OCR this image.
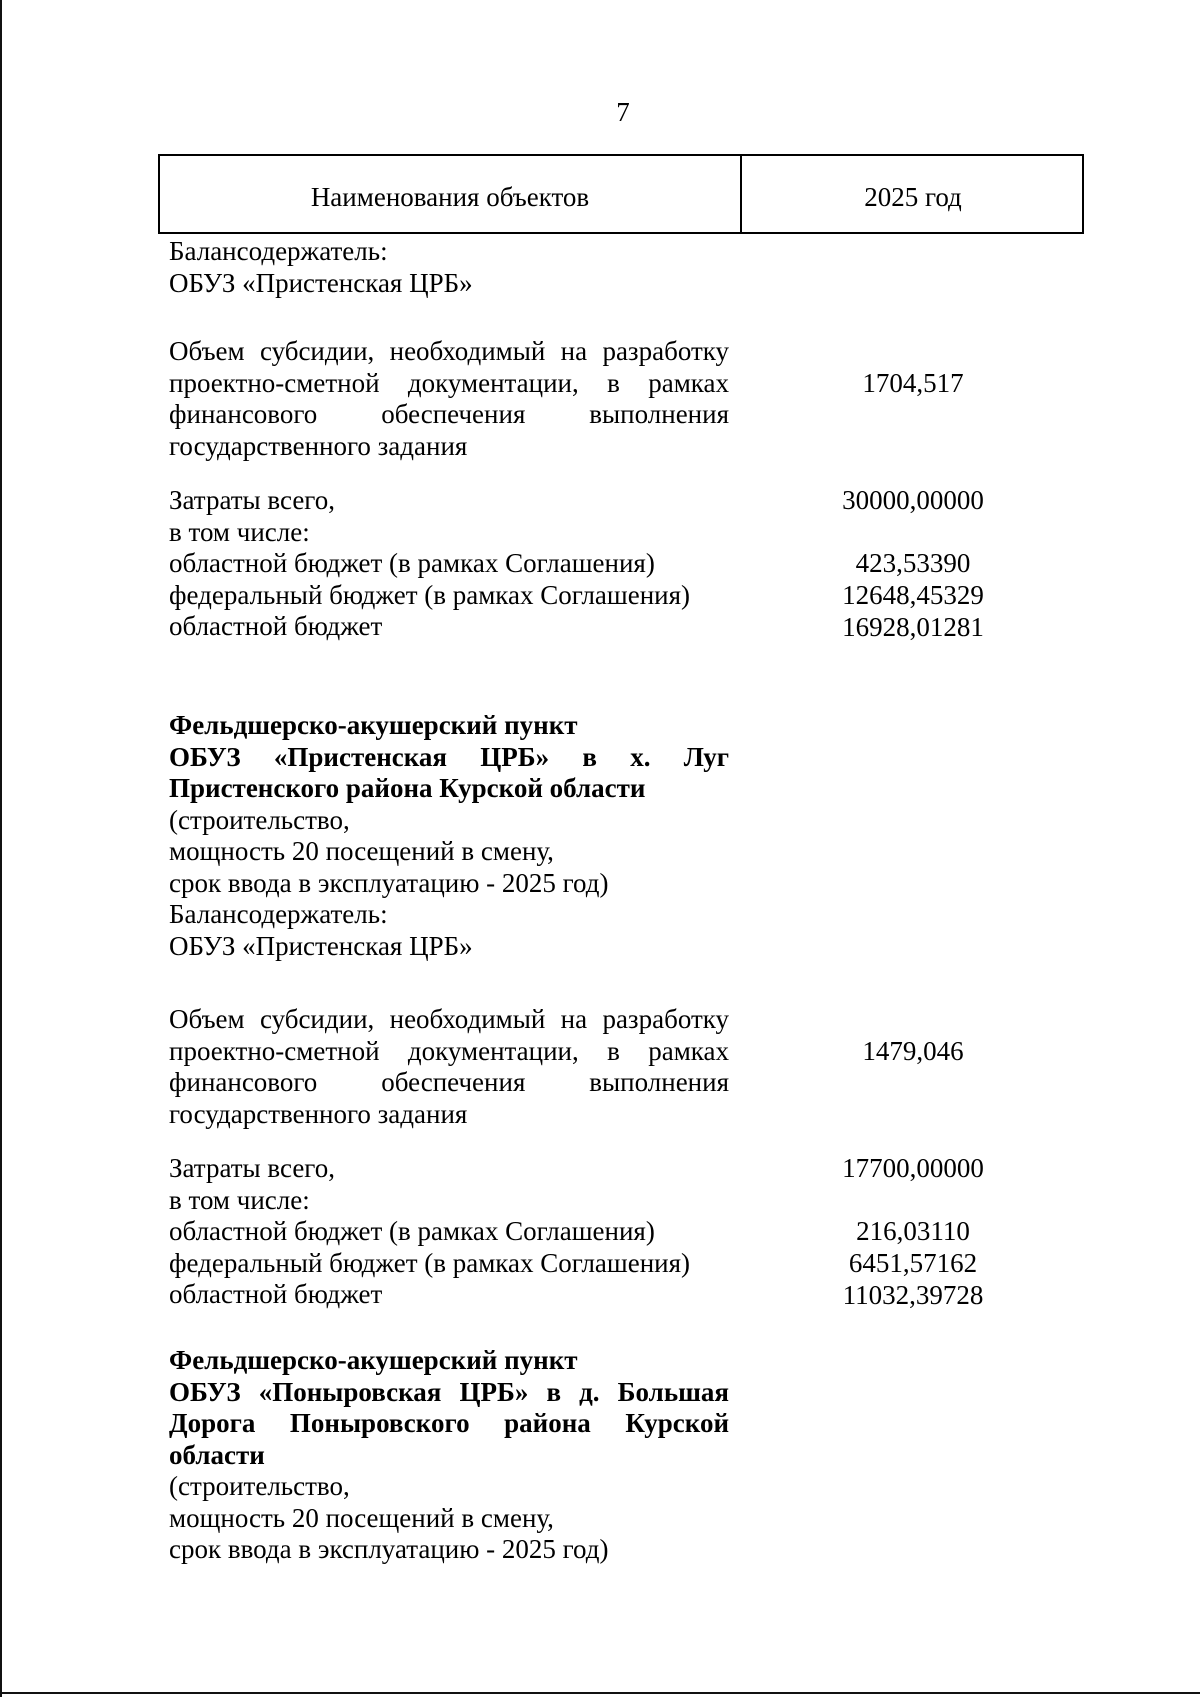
7
Наименования объектов	2025 год
Балансодержатель:
ОБУЗ «Пристенская ЦРБ»
Объем субсидии, необходимый на разработку
проектно-сметной документации, в рамках
финансового обеспечения выполнения
государственного задания
1704,517
Затраты всего,
в том числе:
областной бюджет (в рамках Соглашения)
федеральный бюджет (в рамках Соглашения)
областной бюджет
30000,00000
423,53390
12648,45329
16928,01281
Фельдшерско-акушерский пункт
ОБУЗ «Пристенская ЦРБ» в х. Луг
Пристенского района Курской области
(строительство,
мощность 20 посещений в смену,
срок ввода в эксплуатацию - 2025 год)
Балансодержатель:
ОБУЗ «Пристенская ЦРБ»
Объем субсидии, необходимый на разработку
проектно-сметной документации, в рамках
финансового обеспечения выполнения
государственного задания
1479,046
Затраты всего,
в том числе:
областной бюджет (в рамках Соглашения)
федеральный бюджет (в рамках Соглашения)
областной бюджет
17700,00000
216,03110
6451,57162
11032,39728
Фельдшерско-акушерский пункт
ОБУЗ «Поныровская ЦРБ» в д. Большая
Дорога Поныровского района Курской
области
(строительство,
мощность 20 посещений в смену,
срок ввода в эксплуатацию - 2025 год)
